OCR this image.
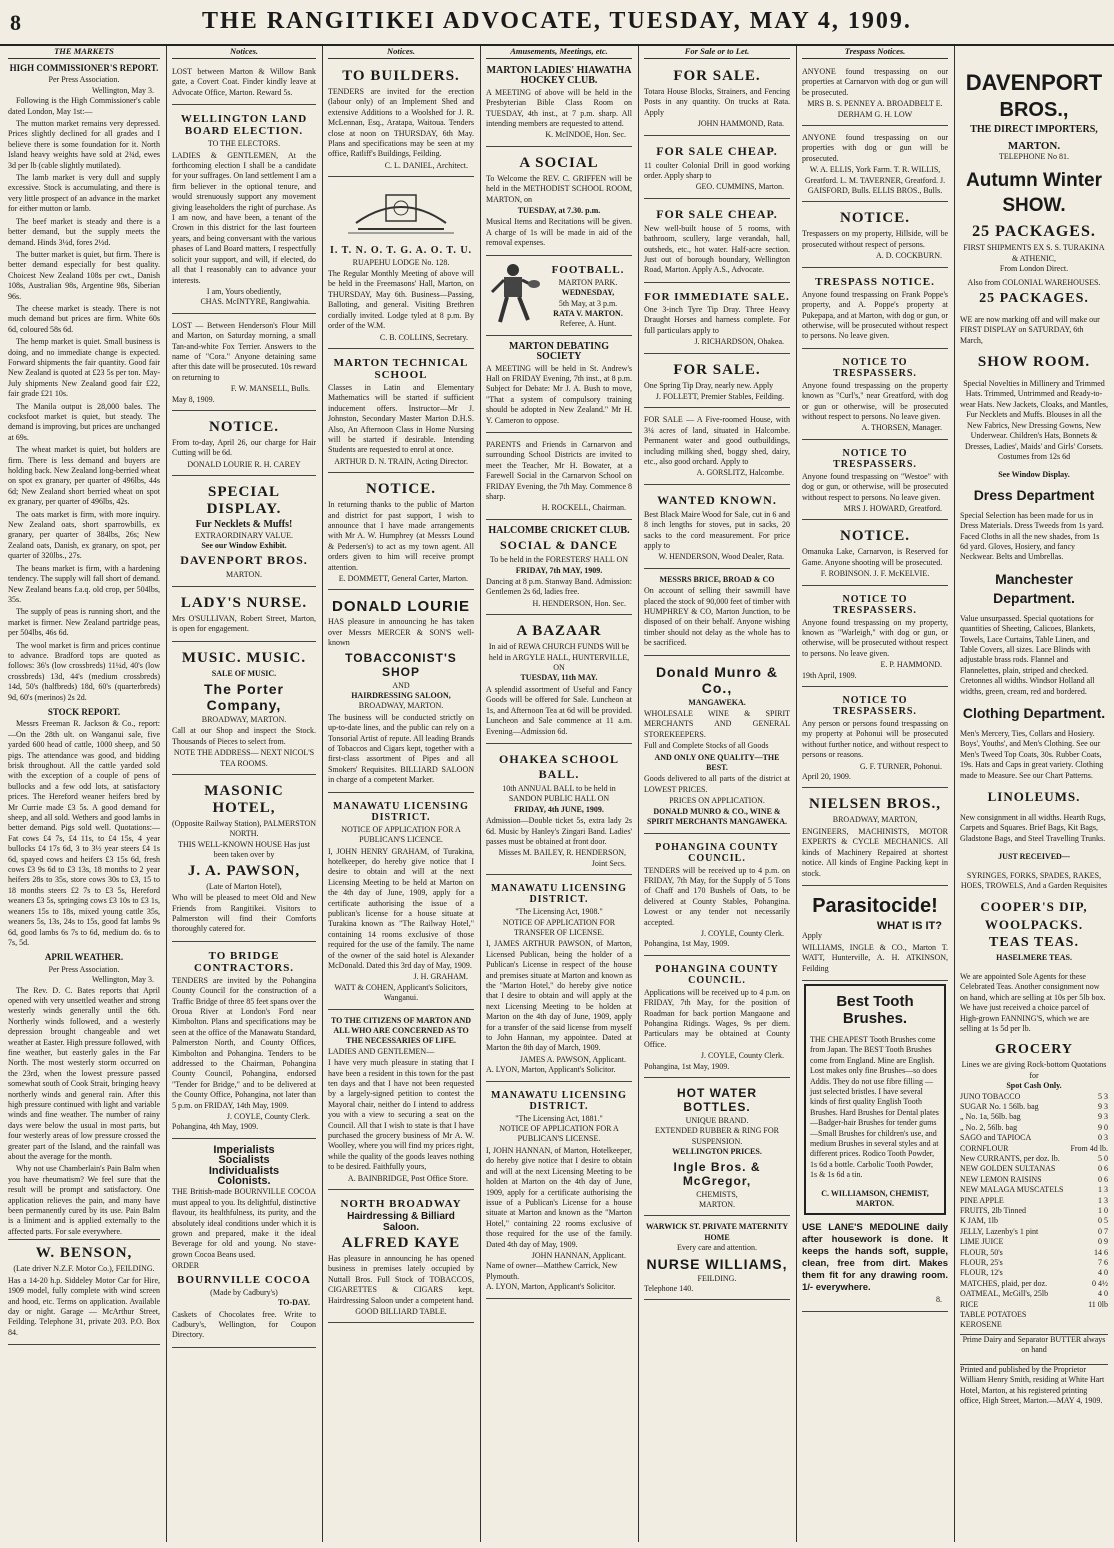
8	THE RANGITIKEI ADVOCATE, TUESDAY, MAY 4, 1909.
THE MARKETS
HIGH COMMISSIONER'S REPORT.
Per Press Association.
Wellington, May 3.

Following is the High Commissioner's cable dated London, May 1st:—

The mutton market remains very depressed. Prices slightly declined for all grades and I believe there is some foundation for it. North Island heavy weights have sold at 2¾d, ewes 3d per lb (cable slightly mutilated).

The lamb market is very dull and supply excessive. Stock is accumulating, and there is very little prospect of an advance in the market for either mutton or lamb.

The beef market is steady and there is a better demand, but the supply meets the demand. Hinds 3¼d, fores 2½d.

The butter market is quiet, but firm. There is better demand especially for best quality. Choicest New Zealand 108s per cwt., Danish 108s, Australian 98s, Argentine 98s, Siberian 96s.

The cheese market is steady. There is not much demand but prices are firm. White 60s 6d, coloured 58s 6d.

The hemp market is quiet. Small business is doing, and no immediate change is expected. Forward shipments the fair quantity. Good fair New Zealand is quoted at £23 5s per ton. May-July shipments New Zealand good fair £22, fair grade £21 10s.

The Manila output is 28,000 bales. The cocksfoot market is quiet, but steady. The demand is improving, but prices are unchanged at 69s.

The wheat market is quiet, but holders are firm. There is less demand and buyers are holding back. New Zealand long-berried wheat on spot ex granary, per quarter of 496lbs, 44s 6d; New Zealand short berried wheat on spot ex granary, per quarter of 496lbs, 42s.

The oats market is firm, with more inquiry. New Zealand oats, short sparrowbills, ex granary, per quarter of 384lbs, 26s; New Zealand oats, Danish, ex granary, on spot, per quarter of 320lbs., 27s.

The beans market is firm, with a hardening tendency. The supply will fall short of demand. New Zealand beans f.a.q. old crop, per 504lbs, 35s.

The supply of peas is running short, and the market is firmer. New Zealand partridge peas, per 504lbs, 46s 6d.

The wool market is firm and prices continue to advance. Bradford tops are quoted as follows: 36's (low crossbreds) 11¼d, 40's (low crossbreds) 13d, 44's (medium crossbreds) 14d, 50's (halfbreds) 18d, 60's (quarterbreds) 9d, 60's (merinos) 2s 2d.

STOCK REPORT.

Messrs Freeman R. Jackson & Co., report:—On the 28th ult. on Wanganui sale, five yarded 600 head of cattle, 1000 sheep, and 50 pigs. The attendance was good, and bidding brisk throughout. All the cattle yarded sold with the exception of a couple of pens of bullocks and a few odd lots, at satisfactory prices. The Hereford weaner heifers bred by Mr Currie made £3 5s. A good demand for sheep, and all sold. Wethers and good lambs in better demand. Pigs sold well. Quotations:—Fat cows £4 7s, £4 11s, to £4 15s, 4 year bullocks £4 17s 6d, 3 to 3½ year steers £4 1s 6d, spayed cows and heifers £3 15s 6d, fresh cows £3 9s 6d to £3 13s, 18 months to 2 year heifers 28s to 35s, store cows 30s to £3, 15 to 18 months steers £2 7s to £3 5s, Hereford weaners £3 5s, springing cows £3 10s to £3 1s, weaners 15s to 18s, mixed young cattle 35s, weaners 5s, 13s, 24s to 15s, good fat lambs 9s 6d, good lambs 6s 7s to 6d, medium do. 6s to 7s, 5d.

APRIL WEATHER.
Per Press Association.
Wellington, May 3.

The Rev. D. C. Bates reports that April opened with very unsettled weather and strong westerly winds generally until the 6th. Northerly winds followed, and a westerly depression brought changeable and wet weather at Easter. High pressure followed, with fine weather, but easterly gales in the Far North. The most westerly storm occurred on the 23rd, when the lowest pressure passed somewhat south of Cook Strait, bringing heavy northerly winds and general rain. After this high pressure continued with light and variable winds and fine weather. The number of rainy days were below the usual in most parts, but four westerly areas of low pressure crossed the greater part of the Island, and the rainfall was about the average for the month.

Why not use Chamberlain's Pain Balm when you have rheumatism? We feel sure that the result will be prompt and satisfactory. One application relieves the pain, and many have been permanently cured by its use. Pain Balm is a liniment and is applied externally to the affected parts. For sale everywhere.

W. BENSON,
(Late driver N.Z.F. Motor Co.), FEILDING.

Has a 14-20 h.p. Siddeley Motor Car for Hire, 1909 model, fully complete with wind screen and hood, etc. Terms on application. Available day or night. Garage — McArthur Street, Feilding. Telephone 31, private 203. P.O. Box 84.

Notices.

LOST between Marton & Willow Bank gate, a Covert Coat. Finder kindly leave at Advocate Office, Marton. Reward 5s.

WELLINGTON LAND BOARD ELECTION.
TO THE ELECTORS.

LADIES & GENTLEMEN, At the forthcoming election I shall be a candidate for your suffrages. On land settlement I am a firm believer in the optional tenure, and would strenuously support any movement giving leaseholders the right of purchase. As I am now, and have been, a tenant of the Crown in this district for the last fourteen years, and being conversant with the various phases of Land Board matters, I respectfully solicit your support, and will, if elected, do all that I reasonably can to advance your interests.

I am, Yours obediently,
CHAS. McINTYRE, Rangiwahia.

LOST — Between Henderson's Flour Mill and Marton, on Saturday morning, a small Tan-and-white Fox Terrier. Answers to the name of "Cora." Anyone detaining same after this date will be prosecuted. 10s reward on returning to

F. W. MANSELL, Bulls.
May 8, 1909.
NOTICE.

From to-day, April 26, our charge for Hair Cutting will be 6d.

DONALD LOURIE R. H. CAREY
SPECIAL DISPLAY.
Fur Necklets & Muffs!
EXTRAORDINARY VALUE.
See our Window Exhibit.
DAVENPORT BROS.
MARTON.
LADY'S NURSE.

Mrs O'SULLIVAN, Robert Street, Marton, is open for engagement.

MUSIC. MUSIC.
SALE OF MUSIC.
The Porter Company,
BROADWAY, MARTON.

Call at our Shop and inspect the Stock. Thousands of Pieces to select from.

NOTE THE ADDRESS— NEXT NICOL'S TEA ROOMS.
MASONIC HOTEL,
(Opposite Railway Station), PALMERSTON NORTH.
THIS WELL-KNOWN HOUSE Has just been taken over by
J. A. PAWSON,
(Late of Marton Hotel),

Who will be pleased to meet Old and New Friends from Rangitikei. Visitors to Palmerston will find their Comforts thoroughly catered for.

TO BRIDGE CONTRACTORS.

TENDERS are invited by the Pohangina County Council for the construction of a Traffic Bridge of three 85 feet spans over the Oroua River at London's Ford near Kimbolton. Plans and specifications may be seen at the office of the Manawatu Standard, Palmerston North, and County Offices, Kimbolton and Pohangina. Tenders to be addressed to the Chairman, Pohangina County Council, Pohangina, endorsed "Tender for Bridge," and to be delivered at the County Office, Pohangina, not later than 5 p.m. on FRIDAY, 14th May, 1909.

J. COYLE, County Clerk.
Pohangina, 4th May, 1909.
Imperialists
Socialists
Individualists
Colonists.

THE British-made BOURNVILLE COCOA must appeal to you. Its delightful, distinctive flavour, its healthfulness, its purity, and the absolutely ideal conditions under which it is grown and prepared, make it the ideal Beverage for old and young. No stave-grown Cocoa Beans used.

ORDER
BOURNVILLE COCOA
(Made by Cadbury's)
TO-DAY.

Caskets of Chocolates free. Write to Cadbury's, Wellington, for Coupon Directory.

Notices.
TO BUILDERS.

TENDERS are invited for the erection (labour only) of an Implement Shed and extensive Additions to a Woolshed for J. R. McLennan, Esq., Aratapa, Waitoua. Tenders close at noon on THURSDAY, 6th May. Plans and specifications may be seen at my office, Ratliff's Buildings, Feilding.

C. L. DANIEL, Architect.
I. T. N. O. T. G. A. O. T. U.
RUAPEHU LODGE No. 128.

The Regular Monthly Meeting of above will be held in the Freemasons' Hall, Marton, on THURSDAY, May 6th. Business—Passing, Balloting, and general. Visiting Brethren cordially invited. Lodge tyled at 8 p.m. By order of the W.M.

C. B. COLLINS, Secretary.
MARTON TECHNICAL SCHOOL

Classes in Latin and Elementary Mathematics will be started if sufficient inducement offers. Instructor—Mr J. Johnston, Secondary Master Marton D.H.S. Also, An Afternoon Class in Home Nursing will be started if desirable. Intending Students are requested to enrol at once.

ARTHUR D. N. TRAIN, Acting Director.
NOTICE.

In returning thanks to the public of Marton and district for past support, I wish to announce that I have made arrangements with Mr A. W. Humphrey (at Messrs Lound & Pedersen's) to act as my town agent. All orders given to him will receive prompt attention.

E. DOMMETT, General Carter, Marton.
DONALD LOURIE

HAS pleasure in announcing he has taken over Messrs MERCER & SON'S well-known

TOBACCONIST'S SHOP
AND
HAIRDRESSING SALOON,
BROADWAY, MARTON.

The business will be conducted strictly on up-to-date lines, and the public can rely on a Tonsorial Artist of repute. All leading Brands of Tobaccos and Cigars kept, together with a first-class assortment of Pipes and all Smokers' Requisites. BILLIARD SALOON in charge of a competent Marker.

MANAWATU LICENSING DISTRICT.
NOTICE OF APPLICATION FOR A PUBLICAN'S LICENCE.

I, JOHN HENRY GRAHAM, of Turakina, hotelkeeper, do hereby give notice that I desire to obtain and will at the next Licensing Meeting to be held at Marton on the 4th day of June, 1909, apply for a certificate authorising the issue of a publican's license for a house situate at Turakina known as "The Railway Hotel," containing 14 rooms exclusive of those required for the use of the family. The name of the owner of the said hotel is Alexander McDonald. Dated this 3rd day of May, 1909.

J. H. GRAHAM.
WATT & COHEN, Applicant's Solicitors, Wanganui.
TO THE CITIZENS OF MARTON AND ALL WHO ARE CONCERNED AS TO THE NECESSARIES OF LIFE.
LADIES AND GENTLEMEN—

I have very much pleasure in stating that I have been a resident in this town for the past ten days and that I have not been requested by a largely-signed petition to contest the Mayoral chair, neither do I intend to address you with a view to securing a seat on the Council. All that I wish to state is that I have purchased the grocery business of Mr A. W. Woolley, where you will find my prices right, while the quality of the goods leaves nothing to be desired. Faithfully yours,

A. BAINBRIDGE, Post Office Store.
NORTH BROADWAY
Hairdressing & Billiard Saloon.
ALFRED KAYE

Has pleasure in announcing he has opened business in premises lately occupied by Nuttall Bros. Full Stock of TOBACCOS, CIGARETTES & CIGARS kept. Hairdressing Saloon under a competent hand.

GOOD BILLIARD TABLE.
Amusements, Meetings, etc.
MARTON LADIES' HIAWATHA HOCKEY CLUB.

A MEETING of above will be held in the Presbyterian Bible Class Room on TUESDAY, 4th inst., at 7 p.m. sharp. All intending members are requested to attend.

K. McINDOE, Hon. Sec.
A SOCIAL

To Welcome the REV. C. GRIFFEN will be held in the METHODIST SCHOOL ROOM, MARTON, on

TUESDAY, at 7.30. p.m.

Musical Items and Recitations will be given. A charge of 1s will be made in aid of the removal expenses.

FOOTBALL.
MARTON PARK.
WEDNESDAY,
5th May, at 3 p.m.
RATA V. MARTON.
Referee, A. Hunt.
MARTON DEBATING SOCIETY

A MEETING will be held in St. Andrew's Hall on FRIDAY Evening, 7th inst., at 8 p.m. Subject for Debate: Mr J. A. Bush to move, "That a system of compulsory training should be adopted in New Zealand." Mr H. Y. Cameron to oppose.

PARENTS and Friends in Carnarvon and surrounding School Districts are invited to meet the Teacher, Mr H. Bowater, at a Farewell Social in the Carnarvon School on FRIDAY Evening, the 7th May. Commence 8 sharp.

H. ROCKELL, Chairman.
HALCOMBE CRICKET CLUB.
SOCIAL & DANCE
To be held in the FORESTERS' HALL ON
FRIDAY, 7th MAY, 1909.

Dancing at 8 p.m. Stanway Band. Admission: Gentlemen 2s 6d, ladies free.

H. HENDERSON, Hon. Sec.
A BAZAAR
In aid of REWA CHURCH FUNDS Will be held in ARGYLE HALL, HUNTERVILLE, ON
TUESDAY, 11th MAY.

A splendid assortment of Useful and Fancy Goods will be offered for Sale. Luncheon at 1s, and Afternoon Tea at 6d will be provided. Luncheon and Sale commence at 11 a.m. Evening—Admission 6d.

OHAKEA SCHOOL BALL.
10th ANNUAL BALL to be held in SANDON PUBLIC HALL ON
FRIDAY, 4th JUNE, 1909.

Admission—Double ticket 5s, extra lady 2s 6d. Music by Hanley's Zingari Band. Ladies' passes must be obtained at front door.

Misses M. BAILEY, R. HENDERSON, Joint Secs.
MANAWATU LICENSING DISTRICT.
"The Licensing Act, 1908."
NOTICE OF APPLICATION FOR TRANSFER OF LICENSE.

I, JAMES ARTHUR PAWSON, of Marton, Licensed Publican, being the holder of a Publican's License in respect of the house and premises situate at Marton and known as the "Marton Hotel," do hereby give notice that I desire to obtain and will apply at the next Licensing Meeting to be holden at Marton on the 4th day of June, 1909, apply for a transfer of the said license from myself to John Hannan, my appointee. Dated at Marton the 8th day of March, 1909.

JAMES A. PAWSON, Applicant.
A. LYON, Marton, Applicant's Solicitor.
MANAWATU LICENSING DISTRICT.
"The Licensing Act, 1881."
NOTICE OF APPLICATION FOR A PUBLICAN'S LICENSE.

I, JOHN HANNAN, of Marton, Hotelkeeper, do hereby give notice that I desire to obtain and will at the next Licensing Meeting to be holden at Marton on the 4th day of June, 1909, apply for a certificate authorising the issue of a Publican's License for a house situate at Marton and known as the "Marton Hotel," containing 22 rooms exclusive of those required for the use of the family. Dated 4th day of May, 1909.

JOHN HANNAN, Applicant.
Name of owner—Matthew Carrick, New Plymouth.
A. LYON, Marton, Applicant's Solicitor.
For Sale or to Let.
FOR SALE.

Totara House Blocks, Strainers, and Fencing Posts in any quantity. On trucks at Rata. Apply

JOHN HAMMOND, Rata.
FOR SALE CHEAP.

11 coulter Colonial Drill in good working order. Apply sharp to

GEO. CUMMINS, Marton.
FOR SALE CHEAP.

New well-built house of 5 rooms, with bathroom, scullery, large verandah, hall, outsheds, etc., hot water. Half-acre section. Just out of borough boundary, Wellington Road, Marton. Apply A.S., Advocate.

FOR IMMEDIATE SALE.

One 3-inch Tyre Tip Dray. Three Heavy Draught Horses and harness complete. For full particulars apply to

J. RICHARDSON, Ohakea.
FOR SALE.

One Spring Tip Dray, nearly new. Apply

J. FOLLETT, Premier Stables, Feilding.

FOR SALE — A Five-roomed House, with 3¼ acres of land, situated in Halcombe. Permanent water and good outbuildings, including milking shed, boggy shed, dairy, etc., also good orchard. Apply to

A. GORSLITZ, Halcombe.
WANTED KNOWN.

Best Black Maire Wood for Sale, cut in 6 and 8 inch lengths for stoves, put in sacks, 20 sacks to the cord measurement. For price apply to

W. HENDERSON, Wood Dealer, Rata.
MESSRS BRICE, BROAD & CO

On account of selling their sawmill have placed the stock of 90,000 feet of timber with HUMPHREY & CO, Marton Junction, to be disposed of on their behalf. Anyone wishing timber should not delay as the whole has to be sacrificed.

Donald Munro & Co.,
MANGAWEKA.

WHOLESALE WINE & SPIRIT MERCHANTS AND GENERAL STOREKEEPERS.

Full and Complete Stocks of all Goods

AND ONLY ONE QUALITY—THE BEST.

Goods delivered to all parts of the district at LOWEST PRICES.

PRICES ON APPLICATION.
DONALD MUNRO & CO., WINE & SPIRIT MERCHANTS MANGAWEKA.
POHANGINA COUNTY COUNCIL.

TENDERS will be received up to 4 p.m. on FRIDAY, 7th May, for the Supply of 5 Tons of Chaff and 170 Bushels of Oats, to be delivered at County Stables, Pohangina. Lowest or any tender not necessarily accepted.

J. COYLE, County Clerk.
Pohangina, 1st May, 1909.
POHANGINA COUNTY COUNCIL.

Applications will be received up to 4 p.m. on FRIDAY, 7th May, for the position of Roadman for back portion Mangaone and Pohangina Ridings. Wages, 9s per diem. Particulars may be obtained at County Office.

J. COYLE, County Clerk.
Pohangina, 1st May, 1909.
HOT WATER BOTTLES.
UNIQUE BRAND.
EXTENDED RUBBER & RING FOR SUSPENSION.
WELLINGTON PRICES.
Ingle Bros. & McGregor,
CHEMISTS,
MARTON.
WARWICK ST. PRIVATE MATERNITY HOME
Every care and attention.
NURSE WILLIAMS,
FEILDING.
Telephone 140.
Trespass Notices.

ANYONE found trespassing on our properties at Carnarvon with dog or gun will be prosecuted.

MRS B. S. PENNEY A. BROADBELT E. DERHAM G. H. LOW

ANYONE found trespassing on our properties with dog or gun will be prosecuted.

W. A. ELLIS, York Farm. T. R. WILLIS, Greatford. L. M. TAVERNER, Greatford. J. GAISFORD, Bulls. ELLIS BROS., Bulls.
NOTICE.

Trespassers on my property, Hillside, will be prosecuted without respect of persons.

A. D. COCKBURN.
TRESPASS NOTICE.

Anyone found trespassing on Frank Poppe's property, and A. Poppe's property at Pukepapa, and at Marton, with dog or gun, or otherwise, will be prosecuted without respect to persons. No leave given.

NOTICE TO TRESPASSERS.

Anyone found trespassing on the property known as "Curl's," near Greatford, with dog or gun or otherwise, will be prosecuted without respect to persons. No leave given.

A. THORSEN, Manager.
NOTICE TO TRESPASSERS.

Anyone found trespassing on "Westoe" with dog or gun, or otherwise, will be prosecuted without respect to persons. No leave given.

MRS J. HOWARD, Greatford.
NOTICE.

Omanuka Lake, Carnarvon, is Reserved for Game. Anyone shooting will be prosecuted.

F. ROBINSON. J. F. McKELVIE.
NOTICE TO TRESPASSERS.

Anyone found trespassing on my property, known as "Warleigh," with dog or gun, or otherwise, will be prosecuted without respect to persons. No leave given.

E. P. HAMMOND.
19th April, 1909.
NOTICE TO TRESPASSERS.

Any person or persons found trespassing on my property at Pohonui will be prosecuted without further notice, and without respect to persons or reasons.

G. F. TURNER, Pohonui.
April 20, 1909.
NIELSEN BROS.,
BROADWAY, MARTON,

ENGINEERS, MACHINISTS, MOTOR EXPERTS & CYCLE MECHANICS. All kinds of Machinery Repaired at shortest notice. All kinds of Engine Packing kept in stock.

Parasitocide!
WHAT IS IT?
Apply

WILLIAMS, INGLE & CO., Marton T. WATT, Hunterville, A. H. ATKINSON, Feilding

Best Tooth Brushes.

THE CHEAPEST Tooth Brushes come from Japan. The BEST Tooth Brushes come from England. Mine are English. Lost makes only fine Brushes—so does Addis. They do not use fibre filling — just selected bristles. I have several kinds of first quality English Tooth Brushes. Hard Brushes for Dental plates—Badger-hair Brushes for tender gums—Small Brushes for children's use, and medium Brushes in several styles and at different prices. Rodico Tooth Powder, 1s 6d a bottle. Carbolic Tooth Powder, 1s & 1s 6d a tin.

C. WILLIAMSON, CHEMIST, MARTON.

USE LANE'S MEDOLINE daily after housework is done. It keeps the hands soft, supple, clean, free from dirt. Makes them fit for any drawing room. 1/- everywhere.

8.
DAVENPORT
BROS.,
THE DIRECT IMPORTERS,
MARTON.
TELEPHONE No 81.
Autumn Winter
SHOW.
25 PACKAGES.
FIRST SHIPMENTS EX S. S. TURAKINA & ATHENIC,
From London Direct.
Also from COLONIAL WAREHOUSES.
25 PACKAGES.

WE are now marking off and will make our FIRST DISPLAY on SATURDAY, 6th March,

SHOW ROOM.

Special Novelties in Millinery and Trimmed Hats. Trimmed, Untrimmed and Ready-to-wear Hats. New Jackets, Cloaks, and Mantles, Fur Necklets and Muffs. Blouses in all the New Fabrics, New Dressing Gowns, New Underwear. Children's Hats, Bonnets & Dresses, Ladies', Maids' and Girls' Corsets. Costumes from 12s 6d

See Window Display.
Dress Department

Special Selection has been made for us in Dress Materials. Dress Tweeds from 1s yard. Faced Cloths in all the new shades, from 1s 6d yard. Gloves, Hosiery, and fancy Neckwear. Belts and Umbrellas.

Manchester
Department.

Value unsurpassed. Special quotations for quantities of Sheeting, Calicoes, Blankets, Towels, Lace Curtains, Table Linen, and Table Covers, all sizes. Lace Blinds with adjustable brass rods. Flannel and Flannelettes, plain, striped and checked. Cretonnes all widths. Windsor Holland all widths, green, cream, red and bordered.

Clothing Department.

Men's Mercery, Ties, Collars and Hosiery. Boys', Youths', and Men's Clothing. See our Men's Tweed Top Coats, 30s. Rubber Coats, 19s. Hats and Caps in great variety. Clothing made to Measure. See our Chart Patterns.

LINOLEUMS.

New consignment in all widths. Hearth Rugs, Carpets and Squares. Brief Bags, Kit Bags, Gladstone Bags, and Steel Travelling Trunks.

JUST RECEIVED—

SYRINGES, FORKS, SPADES, RAKES, HOES, TROWELS, And a Garden Requisites

COOPER'S DIP,
WOOLPACKS.
TEAS TEAS.
HASELMERE TEAS.

We are appointed Sole Agents for these Celebrated Teas. Another consignment now on hand, which are selling at 10s per 5lb box. We have just received a choice parcel of High-grown FANNING'S, which we are selling at 1s 5d per lb.

GROCERY
Lines we are giving Rock-bottom Quotations for
Spot Cash Only.
JUNO TOBACCO	5 3
SUGAR No. 1 56lb. bag	9 3
„ No. 1a, 56lb. bag	9 3
„ No. 2, 56lb. bag	9 0
SAGO and TAPIOCA	0 3
CORNFLOUR	From 4d lb.
New CURRANTS, per doz. lb.	5 0
NEW GOLDEN SULTANAS	0 6
NEW LEMON RAISINS	0 6
NEW MALAGA MUSCATELS	1 3
PINE APPLE	1 3
FRUITS, 2lb Tinned	1 0
K JAM, 1lb	0 5
JELLY, Lazenby's 1 pint	0 7
LIME JUICE	0 9
FLOUR, 50's	14 6
FLOUR, 25's	7 6
FLOUR, 12's	4 0
MATCHES, plaid, per doz.	0 4½
OATMEAL, McGill's, 25lb	4 0
RICE	11 0lb
TABLE POTATOES
KEROSENE

Prime Dairy and Separator BUTTER always on hand

Printed and published by the Proprietor William Henry Smith, residing at White Hart Hotel, Marton, at his registered printing office, High Street, Marton.—MAY 4, 1909.
